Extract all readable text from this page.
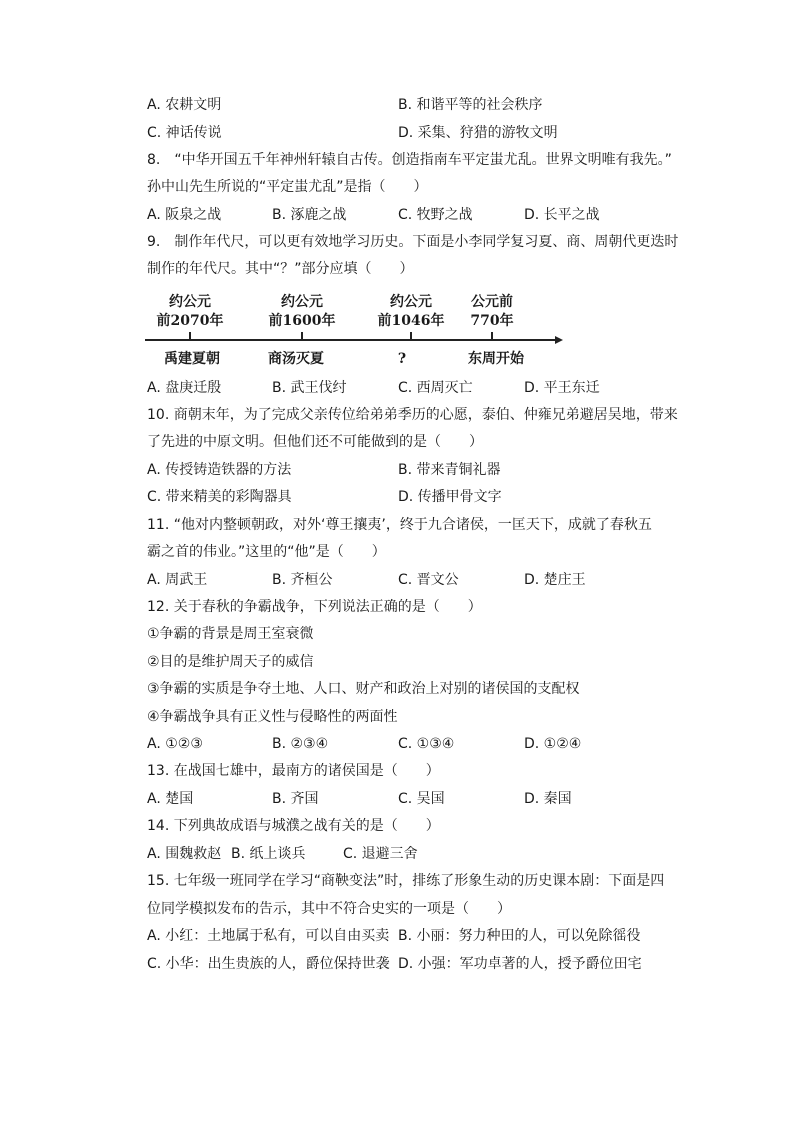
A. 农耕文明	B. 和谐平等的社会秩序
C. 神话传说	D. 采集、狩猎的游牧文明
8.　“中华开国五千年神州轩辕自古传。创造指南车平定蚩尤乱。世界文明唯有我先。”
孙中山先生所说的“平定蚩尤乱”是指（　　）
A. 阪泉之战	B. 涿鹿之战	C. 牧野之战	D. 长平之战
9.　制作年代尺，可以更有效地学习历史。下面是小李同学复习夏、商、周朝代更迭时
制作的年代尺。其中“？”部分应填（　　）
约公元
前2070年
约公元
前1600年
约公元
前1046年
公元前
770年
禹建夏朝	商汤灭夏	?	东周开始
A. 盘庚迁殷	B. 武王伐纣	C. 西周灭亡	D. 平王东迁
10. 商朝末年，为了完成父亲传位给弟弟季历的心愿，泰伯、仲雍兄弟避居吴地，带来
了先进的中原文明。但他们还不可能做到的是（　　）
A. 传授铸造铁器的方法	B. 带来青铜礼器
C. 带来精美的彩陶器具	D. 传播甲骨文字
11. “他对内整顿朝政，对外‘尊王攘夷’，终于九合诸侯，一匡天下，成就了春秋五
霸之首的伟业。”这里的“他”是（　　）
A. 周武王	B. 齐桓公	C. 晋文公	D. 楚庄王
12. 关于春秋的争霸战争，下列说法正确的是（　　）
①争霸的背景是周王室衰微
②目的是维护周天子的威信
③争霸的实质是争夺土地、人口、财产和政治上对别的诸侯国的支配权
④争霸战争具有正义性与侵略性的两面性
A. ①②③	B. ②③④	C. ①③④	D. ①②④
13. 在战国七雄中，最南方的诸侯国是（　　）
A. 楚国	B. 齐国	C. 吴国	D. 秦国
14. 下列典故成语与城濮之战有关的是（　　）
A. 围魏救赵 B. 纸上谈兵	C. 退避三舍
15. 七年级一班同学在学习“商鞅变法”时，排练了形象生动的历史课本剧：下面是四
位同学模拟发布的告示，其中不符合史实的一项是（　　）
A. 小红：土地属于私有，可以自由买卖 B. 小丽：努力种田的人，可以免除徭役
C. 小华：出生贵族的人，爵位保持世袭 D. 小强：军功卓著的人，授予爵位田宅
